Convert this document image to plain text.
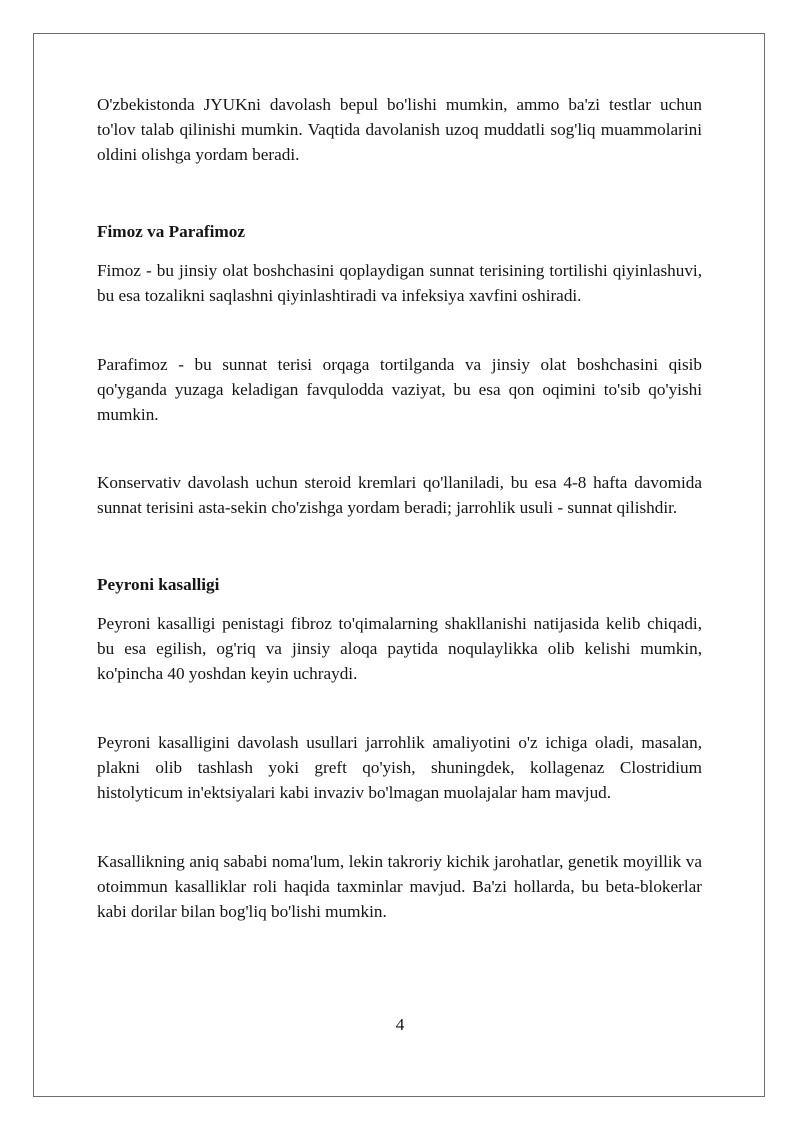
O'zbekistonda JYUKni davolash bepul bo'lishi mumkin, ammo ba'zi testlar uchun to'lov talab qilinishi mumkin. Vaqtida davolanish uzoq muddatli sog'liq muammolarini oldini olishga yordam beradi.

Fimoz va Parafimoz

Fimoz - bu jinsiy olat boshchasini qoplaydigan sunnat terisining tortilishi qiyinlashuvi, bu esa tozalikni saqlashni qiyinlashtiradi va infeksiya xavfini oshiradi.

Parafimoz - bu sunnat terisi orqaga tortilganda va jinsiy olat boshchasini qisib qo'yganda yuzaga keladigan favqulodda vaziyat, bu esa qon oqimini to'sib qo'yishi mumkin.

Konservativ davolash uchun steroid kremlari qo'llaniladi, bu esa 4-8 hafta davomida sunnat terisini asta-sekin cho'zishga yordam beradi; jarrohlik usuli - sunnat qilishdir.

Peyroni kasalligi

Peyroni kasalligi penistagi fibroz to'qimalarning shakllanishi natijasida kelib chiqadi, bu esa egilish, og'riq va jinsiy aloqa paytida noqulaylikka olib kelishi mumkin, ko'pincha 40 yoshdan keyin uchraydi.

Peyroni kasalligini davolash usullari jarrohlik amaliyotini o'z ichiga oladi, masalan, plakni olib tashlash yoki greft qo'yish, shuningdek, kollagenaz Clostridium histolyticum in'ektsiyalari kabi invaziv bo'lmagan muolajalar ham mavjud.

Kasallikning aniq sababi noma'lum, lekin takroriy kichik jarohatlar, genetik moyillik va otoimmun kasalliklar roli haqida taxminlar mavjud. Ba'zi hollarda, bu beta-blokerlar kabi dorilar bilan bog'liq bo'lishi mumkin.

4
